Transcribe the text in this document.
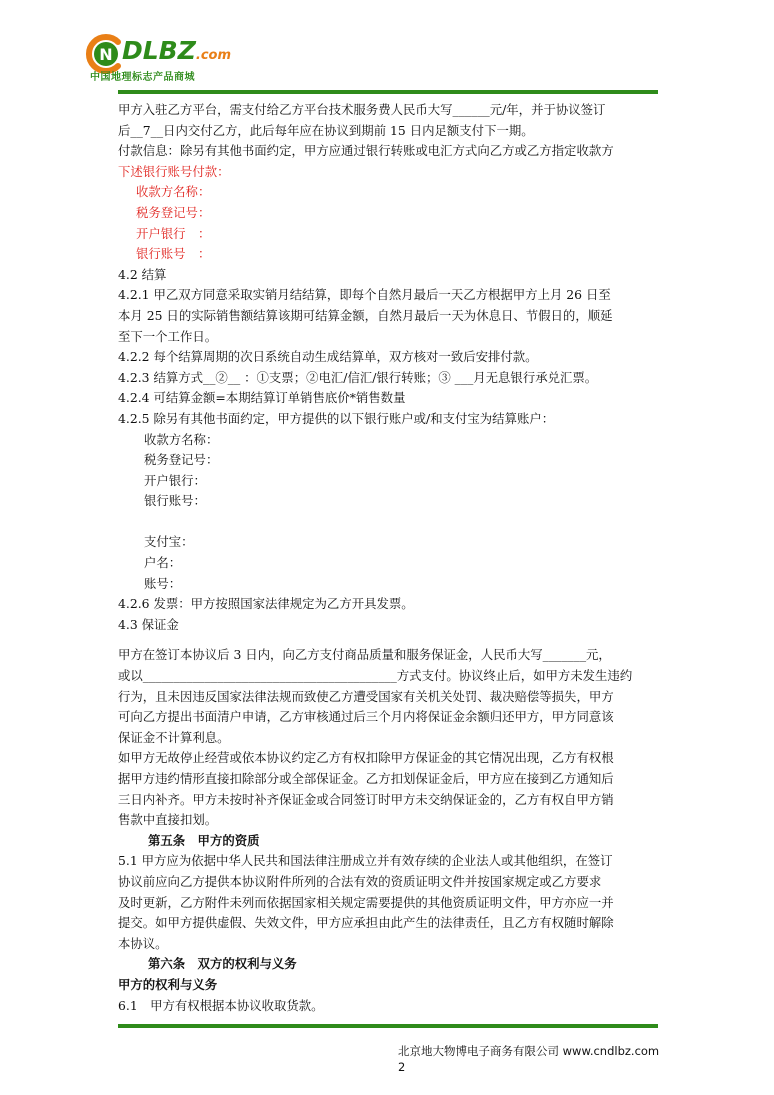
N DLBZ.com
中国地理标志产品商城

甲方入驻乙方平台，需支付给乙方平台技术服务费人民币大写______元/年，并于协议签订

后__7__日内交付乙方，此后每年应在协议到期前 15 日内足额支付下一期。

付款信息：除另有其他书面约定，甲方应通过银行转账或电汇方式向乙方或乙方指定收款方

下述银行账号付款：

收款方名称：

税务登记号：

开户银行　：

银行账号　：

4.2 结算

4.2.1 甲乙双方同意采取实销月结结算，即每个自然月最后一天乙方根据甲方上月 26 日至

本月 25 日的实际销售额结算该期可结算金额，自然月最后一天为休息日、节假日的，顺延

至下一个工作日。

4.2.2 每个结算周期的次日系统自动生成结算单，双方核对一致后安排付款。

4.2.3 结算方式__②__ ：①支票；②电汇/信汇/银行转账；③ ___月无息银行承兑汇票。

4.2.4 可结算金额=本期结算订单销售底价*销售数量

4.2.5 除另有其他书面约定，甲方提供的以下银行账户或/和支付宝为结算账户：

收款方名称：

税务登记号：

开户银行：

银行账号：

支付宝：

户名：

账号：

4.2.6 发票：甲方按照国家法律规定为乙方开具发票。

4.3 保证金

甲方在签订本协议后 3 日内，向乙方支付商品质量和服务保证金，人民币大写_______元，

或以_________________________________________方式支付。协议终止后，如甲方未发生违约

行为，且未因违反国家法律法规而致使乙方遭受国家有关机关处罚、裁决赔偿等损失，甲方

可向乙方提出书面清户申请，乙方审核通过后三个月内将保证金余额归还甲方，甲方同意该

保证金不计算利息。

如甲方无故停止经营或依本协议约定乙方有权扣除甲方保证金的其它情况出现，乙方有权根

据甲方违约情形直接扣除部分或全部保证金。乙方扣划保证金后，甲方应在接到乙方通知后

三日内补齐。甲方未按时补齐保证金或合同签订时甲方未交纳保证金的，乙方有权自甲方销

售款中直接扣划。

第五条　甲方的资质

5.1 甲方应为依据中华人民共和国法律注册成立并有效存续的企业法人或其他组织，在签订

协议前应向乙方提供本协议附件所列的合法有效的资质证明文件并按国家规定或乙方要求

及时更新，乙方附件未列而依据国家相关规定需要提供的其他资质证明文件，甲方亦应一并

提交。如甲方提供虚假、失效文件，甲方应承担由此产生的法律责任，且乙方有权随时解除

本协议。

第六条　双方的权利与义务

甲方的权利与义务

6.1　甲方有权根据本协议收取货款。

北京地大物博电子商务有限公司 www.cndlbz.com
2
